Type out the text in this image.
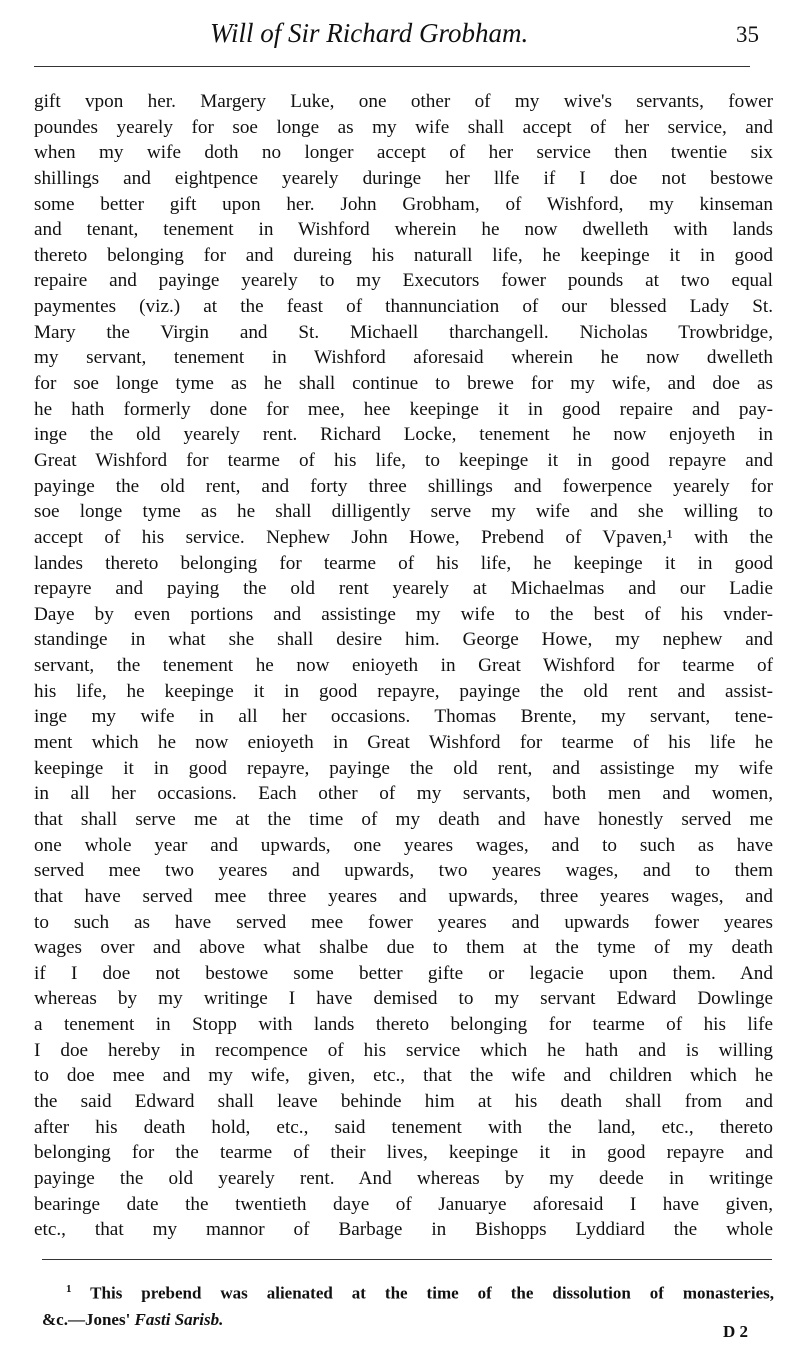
Will of Sir Richard Grobham.	35
gift vpon her. Margery Luke, one other of my wive's servants, fower
poundes yearely for soe longe as my wife shall accept of her service, and
when my wife doth no longer accept of her service then twentie six
shillings and eightpence yearely duringe her llfe if I doe not bestowe
some better gift upon her. John Grobham, of Wishford, my kinseman
and tenant, tenement in Wishford wherein he now dwelleth with lands
thereto belonging for and dureing his naturall life, he keepinge it in good
repaire and payinge yearely to my Executors fower pounds at two equal
paymentes (viz.) at the feast of thannunciation of our blessed Lady St.
Mary the Virgin and St. Michaell tharchangell. Nicholas Trowbridge,
my servant, tenement in Wishford aforesaid wherein he now dwelleth
for soe longe tyme as he shall continue to brewe for my wife, and doe as
he hath formerly done for mee, hee keepinge it in good repaire and pay-
inge the old yearely rent. Richard Locke, tenement he now enjoyeth in
Great Wishford for tearme of his life, to keepinge it in good repayre and
payinge the old rent, and forty three shillings and fowerpence yearely for
soe longe tyme as he shall dilligently serve my wife and she willing to
accept of his service. Nephew John Howe, Prebend of Vpaven,¹ with the
landes thereto belonging for tearme of his life, he keepinge it in good
repayre and paying the old rent yearely at Michaelmas and our Ladie
Daye by even portions and assistinge my wife to the best of his vnder-
standinge in what she shall desire him. George Howe, my nephew and
servant, the tenement he now enioyeth in Great Wishford for tearme of
his life, he keepinge it in good repayre, payinge the old rent and assist-
inge my wife in all her occasions. Thomas Brente, my servant, tene-
ment which he now enioyeth in Great Wishford for tearme of his life he
keepinge it in good repayre, payinge the old rent, and assistinge my wife
in all her occasions. Each other of my servants, both men and women,
that shall serve me at the time of my death and have honestly served me
one whole year and upwards, one yeares wages, and to such as have
served mee two yeares and upwards, two yeares wages, and to them
that have served mee three yeares and upwards, three yeares wages, and
to such as have served mee fower yeares and upwards fower yeares
wages over and above what shalbe due to them at the tyme of my death
if I doe not bestowe some better gifte or legacie upon them. And
whereas by my writinge I have demised to my servant Edward Dowlinge
a tenement in Stopp with lands thereto belonging for tearme of his life
I doe hereby in recompence of his service which he hath and is willing
to doe mee and my wife, given, etc., that the wife and children which he
the said Edward shall leave behinde him at his death shall from and
after his death hold, etc., said tenement with the land, etc., thereto
belonging for the tearme of their lives, keepinge it in good repayre and
payinge the old yearely rent. And whereas by my deede in writinge
bearinge date the twentieth daye of Januarye aforesaid I have given,
etc., that my mannor of Barbage in Bishopps Lyddiard the whole
$^1$ This prebend was alienated at the time of the dissolution of monasteries,
&c.—Jones' Fasti Sarisb.
D 2
